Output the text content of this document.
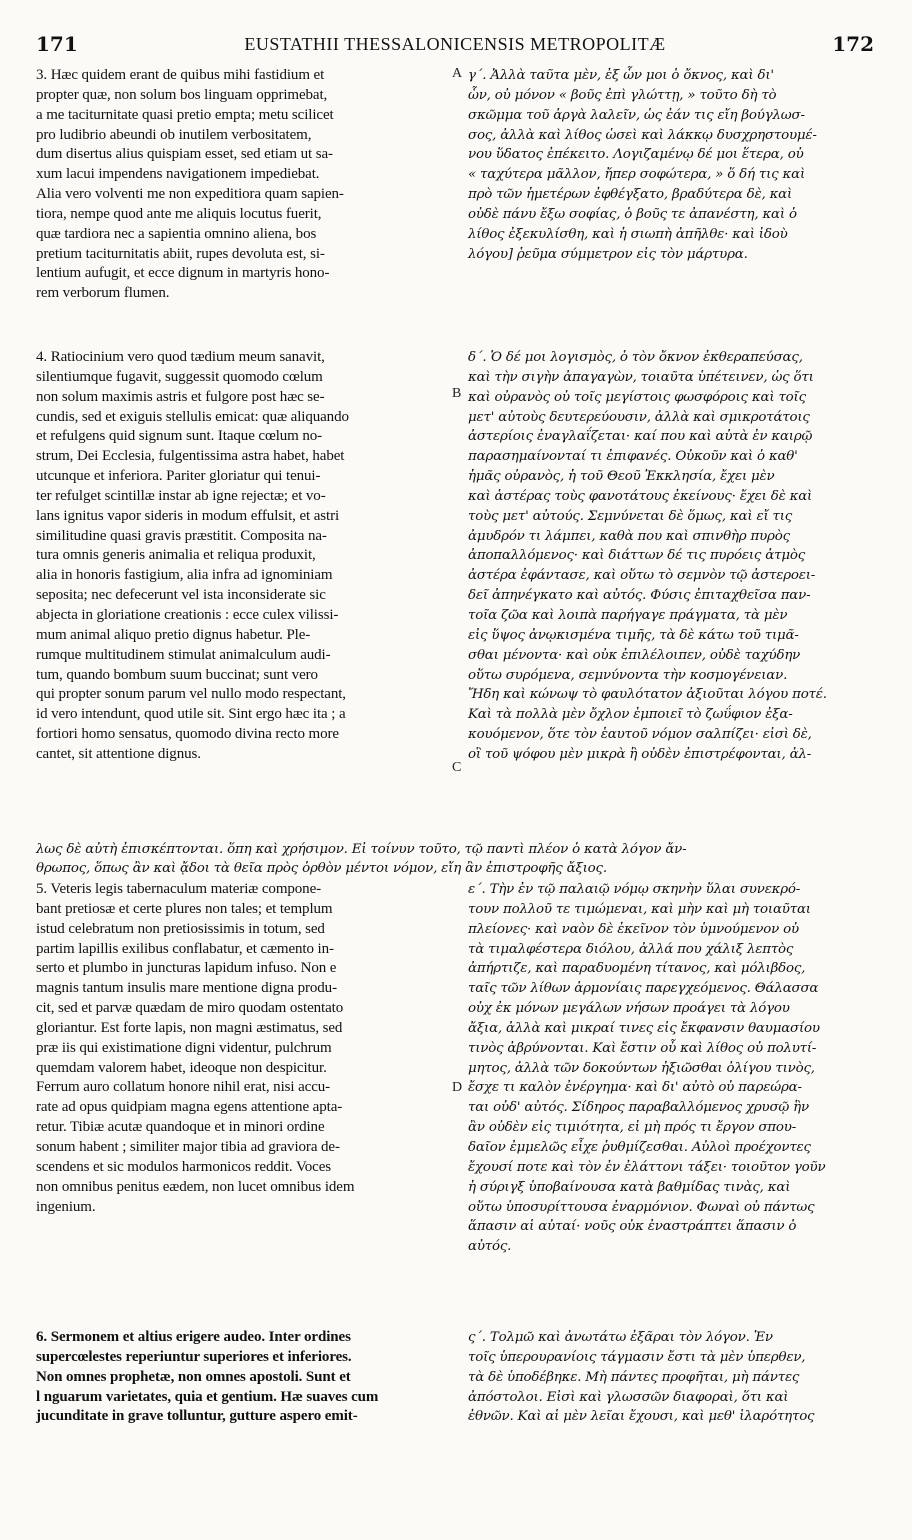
171	EUSTATHII THESSALONICENSIS METROPOLITÆ	172

3. Hæc quidem erant de quibus mihi fastidium et
propter quæ, non solum bos linguam opprimebat,
a me taciturnitate quasi pretio empta; metu scilicet
pro ludibrio abeundi ob inutilem verbositatem,
dum disertus alius quispiam esset, sed etiam ut sa-
xum lacui impendens navigationem impediebat.
Alia vero volventi me non expeditiora quam sapien-
tiora, nempe quod ante me aliquis locutus fuerit,
quæ tardiora nec a sapientia omnino aliena, bos
pretium taciturnitatis abiit, rupes devoluta est, si-
lentium aufugit, et ecce dignum in martyris hono-
rem verborum flumen.

4. Ratiocinium vero quod tædium meum sanavit,
silentiumque fugavit, suggessit quomodo cœlum
non solum maximis astris et fulgore post hæc se-
cundis, sed et exiguis stellulis emicat: quæ aliquando
et refulgens quid signum sunt. Itaque cœlum no-
strum, Dei Ecclesia, fulgentissima astra habet, habet
utcunque et inferiora. Pariter gloriatur qui tenui-
ter refulget scintillæ instar ab igne rejectæ; et vo-
lans ignitus vapor sideris in modum effulsit, et astri
similitudine quasi gravis præstitit. Composita na-
tura omnis generis animalia et reliqua produxit,
alia in honoris fastigium, alia infra ad ignominiam
seposita; nec defecerunt vel ista inconsiderate sic
abjecta in gloriatione creationis : ecce culex vilissi-
mum animal aliquo pretio dignus habetur. Ple-
rumque multitudinem stimulat animalculum audi-
tum, quando bombum suum buccinat; sunt vero
qui propter sonum parum vel nullo modo respectant,
id vero intendunt, quod utile sit. Sint ergo hæc ita ; a
fortiori homo sensatus, quomodo divina recto more
cantet, sit attentione dignus.

λως δὲ αὐτὴ ἐπισκέπτονται. ὅπη καὶ χρήσιμον. Εἰ τοίνυν τοῦτο, τῷ παντὶ πλέον ὁ κατὰ λόγον ἄν-
θρωπος, ὅπως ἂν καὶ ᾄδοι τὰ θεῖα πρὸς ὀρθὸν μέντοι νόμον, εἴη ἂν ἐπιστροφῆς ἄξιος.

5. Veteris legis tabernaculum materiæ compone-
bant pretiosæ et certe plures non tales; et templum
istud celebratum non pretiosissimis in totum, sed
partim lapillis exilibus conflabatur, et cæmento in-
serto et plumbo in juncturas lapidum infuso. Non e
magnis tantum insulis mare mentione digna produ-
cit, sed et parvæ quædam de miro quodam ostentato
gloriantur. Est forte lapis, non magni æstimatus, sed
præ iis qui existimatione digni videntur, pulchrum
quemdam valorem habet, ideoque non despicitur.
Ferrum auro collatum honore nihil erat, nisi accu-
rate ad opus quidpiam magna egens attentione apta-
retur. Tibiæ acutæ quandoque et in minori ordine
sonum habent ; similiter major tibia ad graviora de-
scendens et sic modulos harmonicos reddit. Voces
non omnibus penitus eædem, non lucet omnibus idem
ingenium.

6. Sermonem et altius erigere audeo. Inter ordines
supercœlestes reperiuntur superiores et inferiores.
Non omnes prophetæ, non omnes apostoli. Sunt et
l nguarum varietates, quia et gentium. Hæ suaves cum
jucunditate in grave tolluntur, gutture aspero emit-

γ΄. Ἀλλὰ ταῦτα μὲν, ἐξ ὧν μοι ὁ ὄκνος, καὶ δι'
ὧν, οὐ μόνον « βοῦς ἐπὶ γλώττῃ, » τοῦτο δὴ τὸ
σκῶμμα τοῦ ἀργὰ λαλεῖν, ὡς ἐάν τις εἴη βούγλωσ-
σος, ἀλλὰ καὶ λίθος ὡσεὶ καὶ λάκκῳ δυσχρηστουμέ-
νου ὕδατος ἐπέκειτο. Λογιζαμένῳ δέ μοι ἕτερα, οὐ
« ταχύτερα μᾶλλον, ἤπερ σοφώτερα, » ὅ δή τις καὶ
πρὸ τῶν ἡμετέρων ἐφθέγξατο, βραδύτερα δὲ, καὶ
οὐδὲ πάνυ ἔξω σοφίας, ὁ βοῦς τε ἀπανέστη, καὶ ὁ
λίθος ἐξεκυλίσθη, καὶ ἡ σιωπὴ ἀπῆλθε· καὶ ἰδοὺ
λόγου] ῥεῦμα σύμμετρον εἰς τὸν μάρτυρα.

δ΄. Ὁ δέ μοι λογισμὸς, ὁ τὸν ὄκνον ἐκθεραπεύσας,
καὶ τὴν σιγὴν ἀπαγαγὼν, τοιαῦτα ὑπέτεινεν, ὡς ὅτι
καὶ οὐρανὸς οὐ τοῖς μεγίστοις φωσφόροις καὶ τοῖς
μετ' αὐτοὺς δευτερεύουσιν, ἀλλὰ καὶ σμικροτάτοις
ἀστερίοις ἐναγλαΐζεται· καί που καὶ αὐτὰ ἐν καιρῷ
παρασημαίνονταί τι ἐπιφανές. Οὐκοῦν καὶ ὁ καθ'
ἡμᾶς οὐρανὸς, ἡ τοῦ Θεοῦ Ἐκκλησία, ἔχει μὲν
καὶ ἀστέρας τοὺς φανοτάτους ἐκείνους· ἔχει δὲ καὶ
τοὺς μετ' αὐτούς. Σεμνύνεται δὲ ὅμως, καὶ εἴ τις
ἀμυδρόν τι λάμπει, καθὰ που καὶ σπινθὴρ πυρὸς
ἀποπαλλόμενος· καὶ διάττων δέ τις πυρόεις ἀτμὸς
ἀστέρα ἐφάντασε, καὶ οὕτω τὸ σεμνὸν τῷ ἀστεροει-
δεῖ ἀπηνέγκατο καὶ αὐτός. Φύσις ἐπιταχθεῖσα παν-
τοῖα ζῶα καὶ λοιπὰ παρήγαγε πράγματα, τὰ μὲν
εἰς ὕψος ἀνῳκισμένα τιμῆς, τὰ δὲ κάτω τοῦ τιμᾶ-
σθαι μένοντα· καὶ οὐκ ἐπιλέλοιπεν, οὐδὲ ταχύδην
οὕτω συρόμενα, σεμνύνοντα τὴν κοσμογένειαν.
Ἤδη καὶ κώνωψ τὸ φαυλότατον ἀξιοῦται λόγου ποτέ.
Καὶ τὰ πολλὰ μὲν ὄχλον ἐμποιεῖ τὸ ζωΰφιον ἐξα-
κουόμενον, ὅτε τὸν ἑαυτοῦ νόμον σαλπίζει· εἰσὶ δὲ,
οἳ τοῦ ψόφου μὲν μικρὰ ἢ οὐδὲν ἐπιστρέφονται, ἀλ-

ε΄. Τὴν ἐν τῷ παλαιῷ νόμῳ σκηνὴν ὕλαι συνεκρό-
τουν πολλοῦ τε τιμώμεναι, καὶ μὴν καὶ μὴ τοιαῦται
πλείονες· καὶ ναὸν δὲ ἐκεῖνον τὸν ὑμνούμενον οὐ
τὰ τιμαλφέστερα διόλου, ἀλλά που χάλιξ λεπτὸς
ἀπήρτιζε, καὶ παραδυομένη τίτανος, καὶ μόλιβδος,
ταῖς τῶν λίθων ἁρμονίαις παρεγχεόμενος. Θάλασσα
οὐχ ἐκ μόνων μεγάλων νήσων προάγει τὰ λόγου
ἄξια, ἀλλὰ καὶ μικραί τινες εἰς ἔκφανσιν θαυμασίου
τινὸς ἀβρύνονται. Καὶ ἔστιν οὗ καὶ λίθος οὐ πολυτί-
μητος, ἀλλὰ τῶν δοκούντων ἠξιῶσθαι ὀλίγου τινὸς,
ἔσχε τι καλὸν ἐνέργημα· καὶ δι' αὐτὸ οὐ παρεώρα-
ται οὐδ' αὐτός. Σίδηρος παραβαλλόμενος χρυσῷ ἣν
ἂν οὐδὲν εἰς τιμιότητα, εἰ μὴ πρός τι ἔργον σπου-
δαῖον ἐμμελῶς εἶχε ῥυθμίζεσθαι. Αὐλοὶ προέχοντες
ἔχουσί ποτε καὶ τὸν ἐν ἐλάττονι τάξει· τοιοῦτον γοῦν
ἡ σύριγξ ὑποβαίνουσα κατὰ βαθμίδας τινὰς, καὶ
οὕτω ὑποσυρίττουσα ἐναρμόνιον. Φωναὶ οὐ πάντως
ἅπασιν αἱ αὐταί· νοῦς οὐκ ἐναστράπτει ἅπασιν ὁ
αὐτός.

ς΄. Τολμῶ καὶ ἀνωτάτω ἐξᾶραι τὸν λόγον. Ἐν
τοῖς ὑπερουρανίοις τάγμασιν ἔστι τὰ μὲν ὑπερθεν,
τὰ δὲ ὑποδέβηκε. Μὴ πάντες προφῆται, μὴ πάντες
ἀπόστολοι. Εἰσὶ καὶ γλωσσῶν διαφοραὶ, ὅτι καὶ
ἐθνῶν. Καὶ αἱ μὲν λεῖαι ἔχουσι, καὶ μεθ' ἱλαρότητος

A
B
C
D
